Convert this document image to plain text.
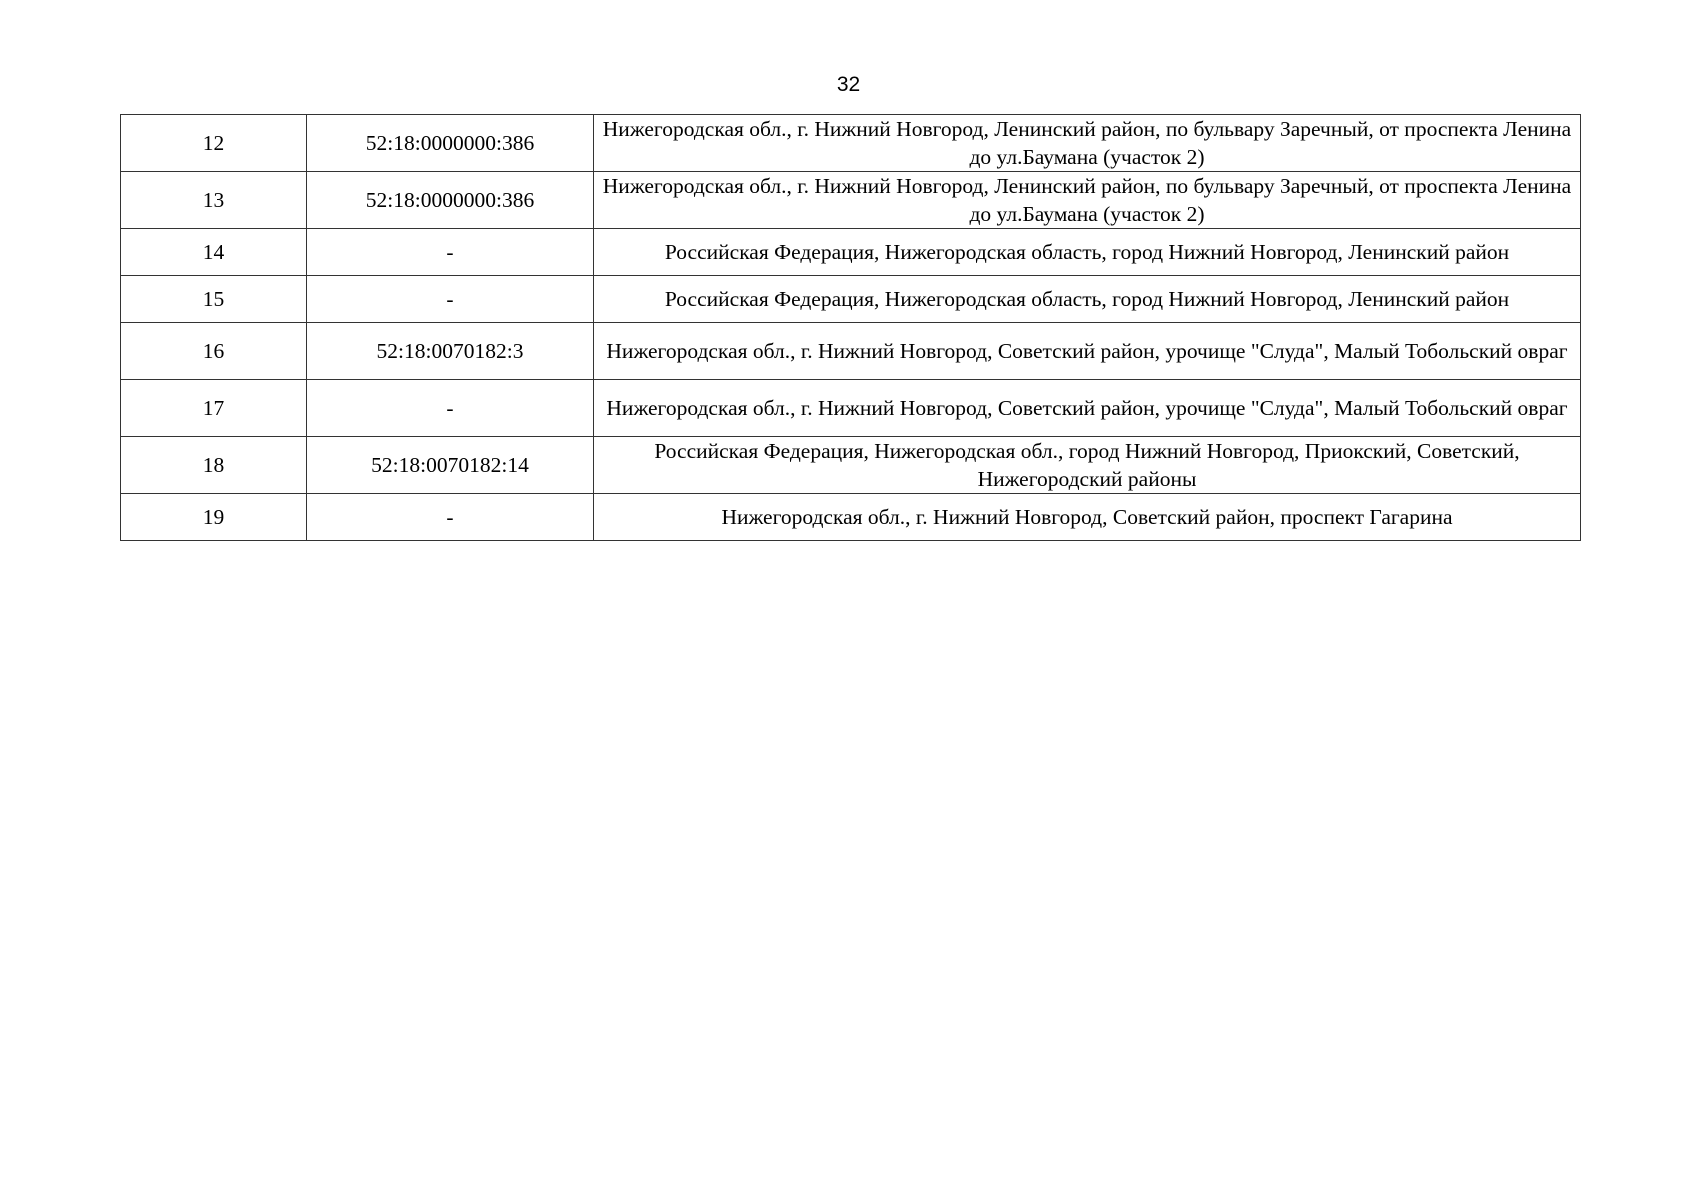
32
12	52:18:0000000:386	Нижегородская обл., г. Нижний Новгород, Ленинский район, по бульвару Заречный, от проспекта Ленина до ул.Баумана (участок 2)
13	52:18:0000000:386	Нижегородская обл., г. Нижний Новгород, Ленинский район, по бульвару Заречный, от проспекта Ленина до ул.Баумана (участок 2)
14	-	Российская Федерация, Нижегородская область, город Нижний Новгород, Ленинский район
15	-	Российская Федерация, Нижегородская область, город Нижний Новгород, Ленинский район
16	52:18:0070182:3	Нижегородская обл., г. Нижний Новгород, Советский район, урочище "Слуда", Малый Тобольский овраг
17	-	Нижегородская обл., г. Нижний Новгород, Советский район, урочище "Слуда", Малый Тобольский овраг
18	52:18:0070182:14	Российская Федерация, Нижегородская обл., город Нижний Новгород, Приокский, Советский, Нижегородский районы
19	-	Нижегородская обл., г. Нижний Новгород, Советский район, проспект Гагарина
